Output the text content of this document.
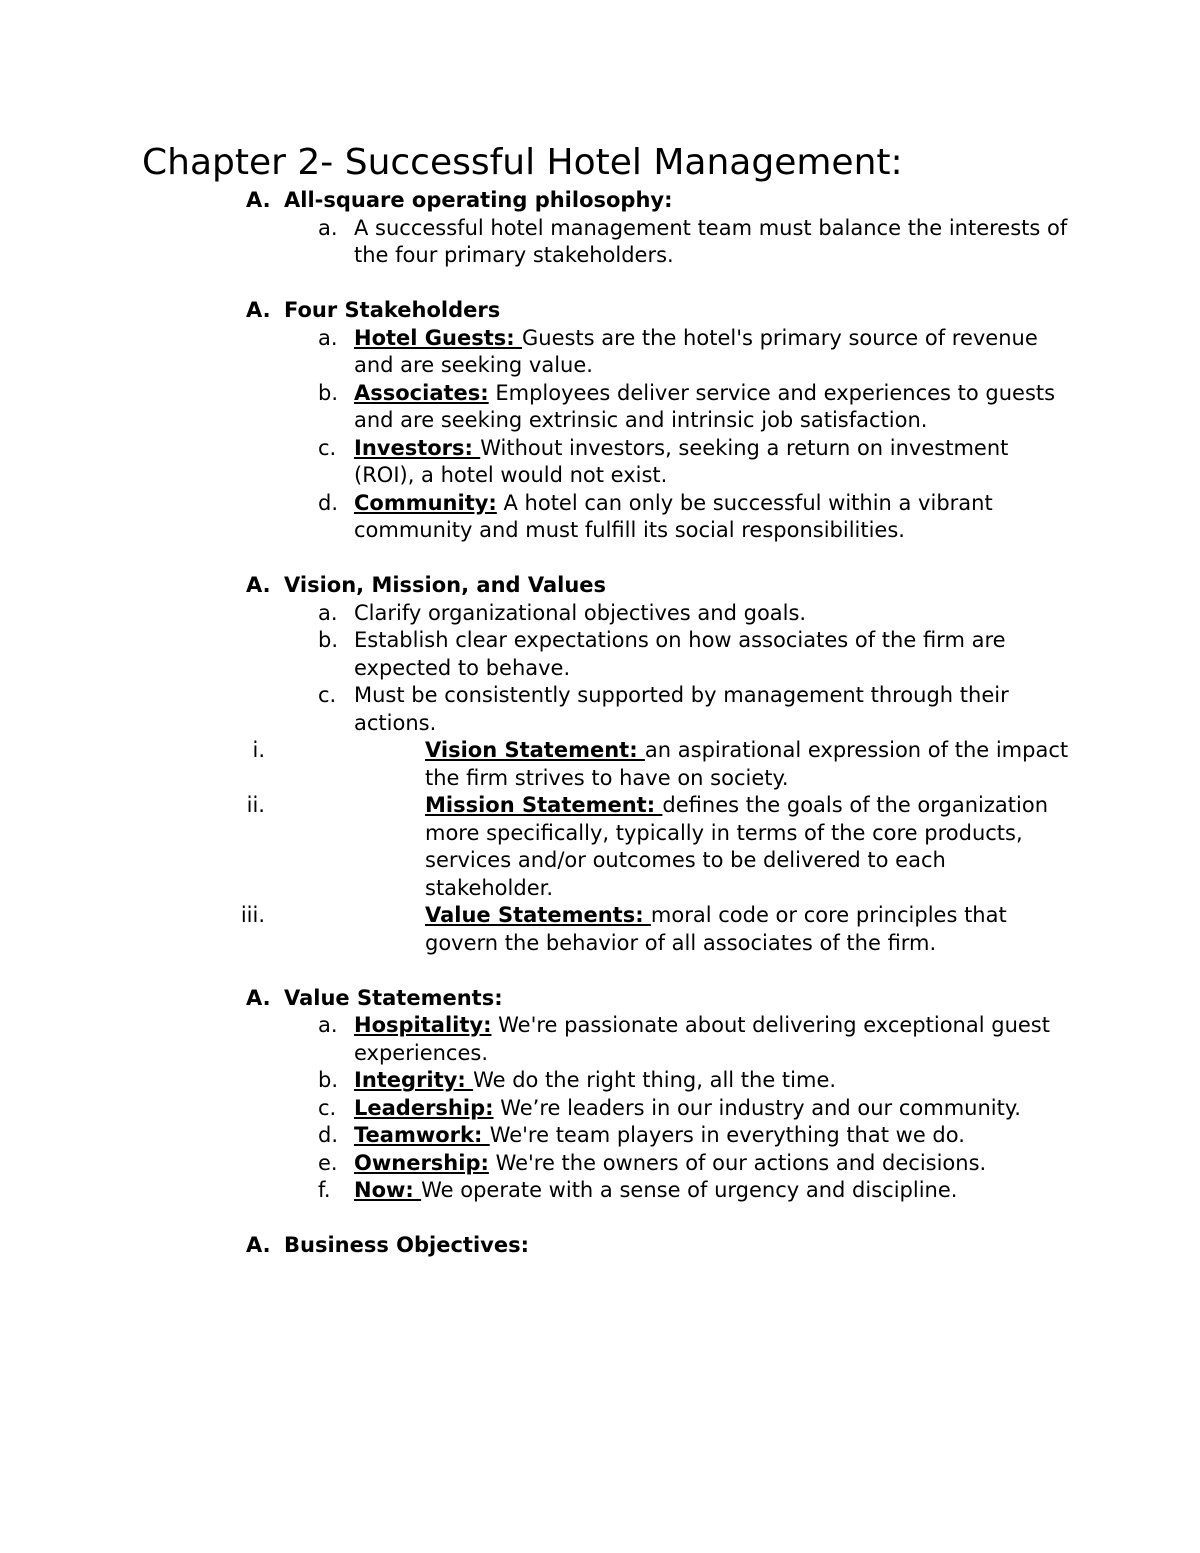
Chapter 2- Successful Hotel Management:
A. All-square operating philosophy:
a. A successful hotel management team must balance the interests of the four primary stakeholders.
A. Four Stakeholders
a. Hotel Guests: Guests are the hotel's primary source of revenue and are seeking value.
b. Associates: Employees deliver service and experiences to guests and are seeking extrinsic and intrinsic job satisfaction.
c. Investors: Without investors, seeking a return on investment (ROI), a hotel would not exist.
d. Community: A hotel can only be successful within a vibrant community and must fulfill its social responsibilities.
A. Vision, Mission, and Values
a. Clarify organizational objectives and goals.
b. Establish clear expectations on how associates of the firm are expected to behave.
c. Must be consistently supported by management through their actions.
i.	Vision Statement: an aspirational expression of the impact the firm strives to have on society.
ii.	Mission Statement: defines the goals of the organization more specifically, typically in terms of the core products, services and/or outcomes to be delivered to each stakeholder.
iii.	Value Statements: moral code or core principles that govern the behavior of all associates of the firm.
A. Value Statements:
a. Hospitality: We're passionate about delivering exceptional guest experiences.
b. Integrity: We do the right thing, all the time.
c. Leadership: We’re leaders in our industry and our community.
d. Teamwork: We're team players in everything that we do.
e. Ownership: We're the owners of our actions and decisions.
f. Now: We operate with a sense of urgency and discipline.
A. Business Objectives:
